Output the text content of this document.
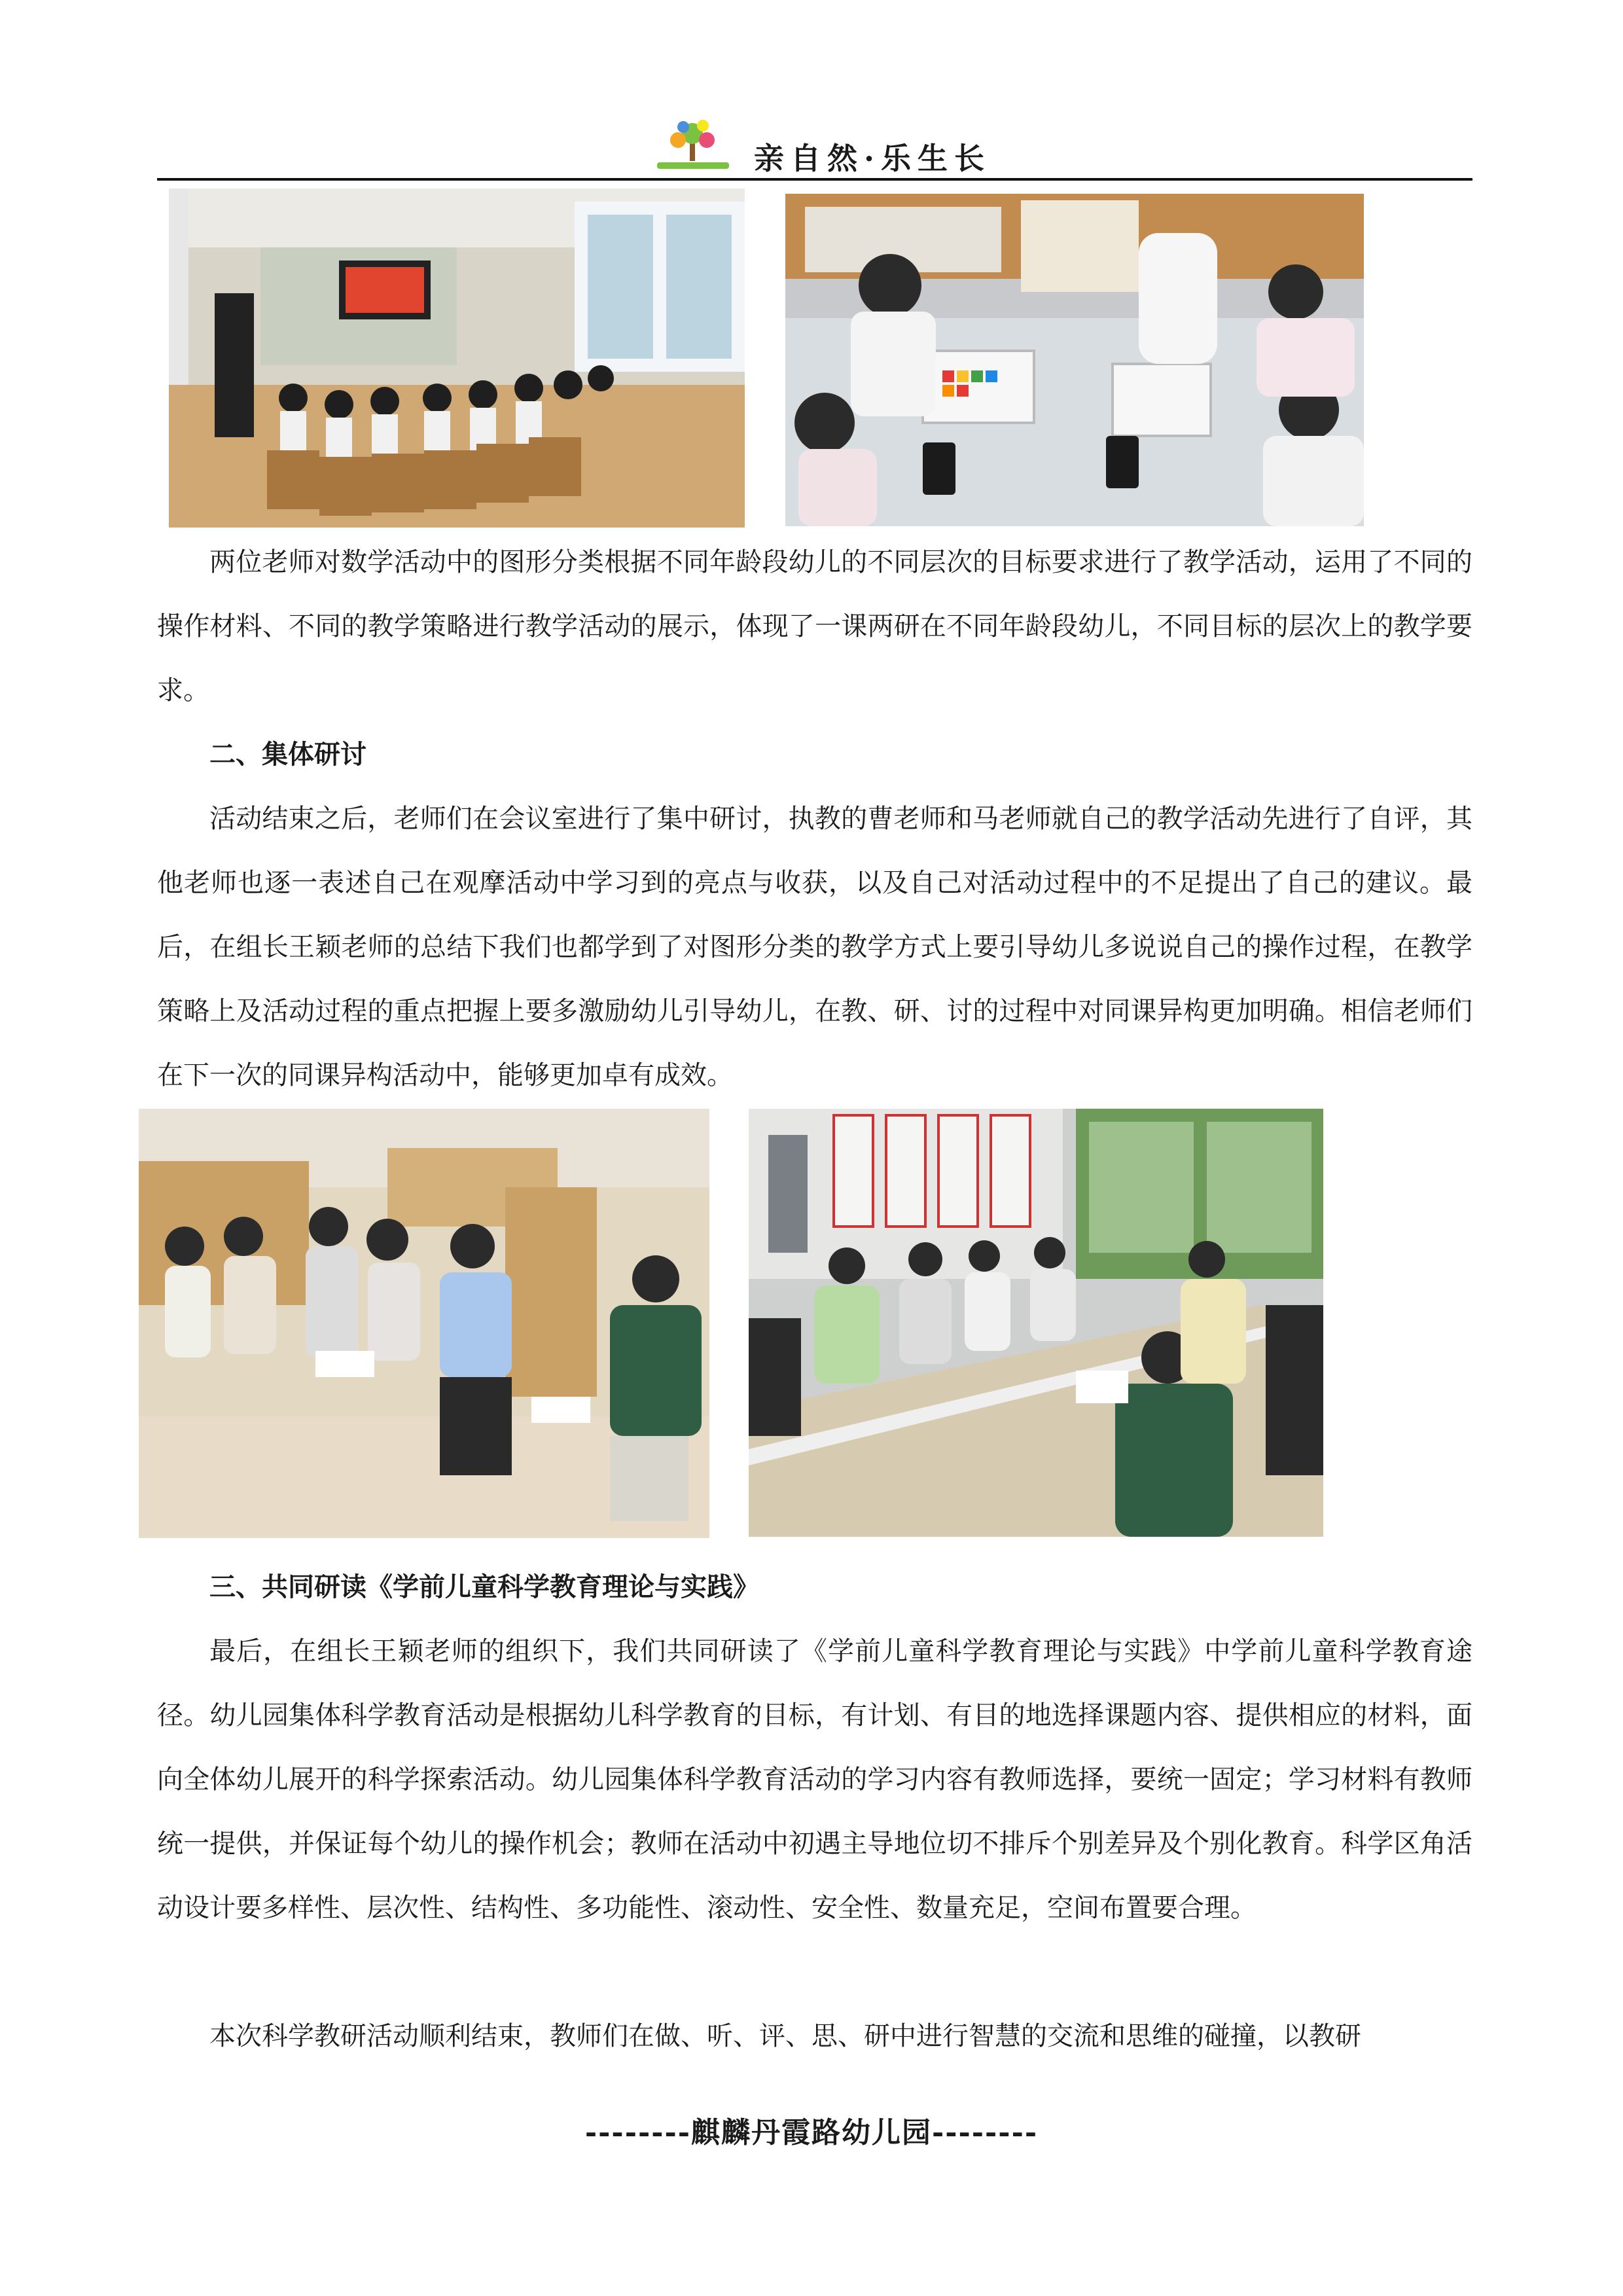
亲自然·乐生长

两位老师对数学活动中的图形分类根据不同年龄段幼儿的不同层次的目标要求进行了教学活动，运用了不同的操作材料、不同的教学策略进行教学活动的展示，体现了一课两研在不同年龄段幼儿，不同目标的层次上的教学要求。

二、集体研讨

活动结束之后，老师们在会议室进行了集中研讨，执教的曹老师和马老师就自己的教学活动先进行了自评，其他老师也逐一表述自己在观摩活动中学习到的亮点与收获，以及自己对活动过程中的不足提出了自己的建议。最后，在组长王颖老师的总结下我们也都学到了对图形分类的教学方式上要引导幼儿多说说自己的操作过程，在教学策略上及活动过程的重点把握上要多激励幼儿引导幼儿，在教、研、讨的过程中对同课异构更加明确。相信老师们在下一次的同课异构活动中，能够更加卓有成效。

三、共同研读《学前儿童科学教育理论与实践》

最后，在组长王颖老师的组织下，我们共同研读了《学前儿童科学教育理论与实践》中学前儿童科学教育途径。幼儿园集体科学教育活动是根据幼儿科学教育的目标，有计划、有目的地选择课题内容、提供相应的材料，面向全体幼儿展开的科学探索活动。幼儿园集体科学教育活动的学习内容有教师选择，要统一固定；学习材料有教师统一提供，并保证每个幼儿的操作机会；教师在活动中初遇主导地位切不排斥个别差异及个别化教育。科学区角活动设计要多样性、层次性、结构性、多功能性、滚动性、安全性、数量充足，空间布置要合理。

本次科学教研活动顺利结束，教师们在做、听、评、思、研中进行智慧的交流和思维的碰撞，以教研

--------麒麟丹霞路幼儿园--------
